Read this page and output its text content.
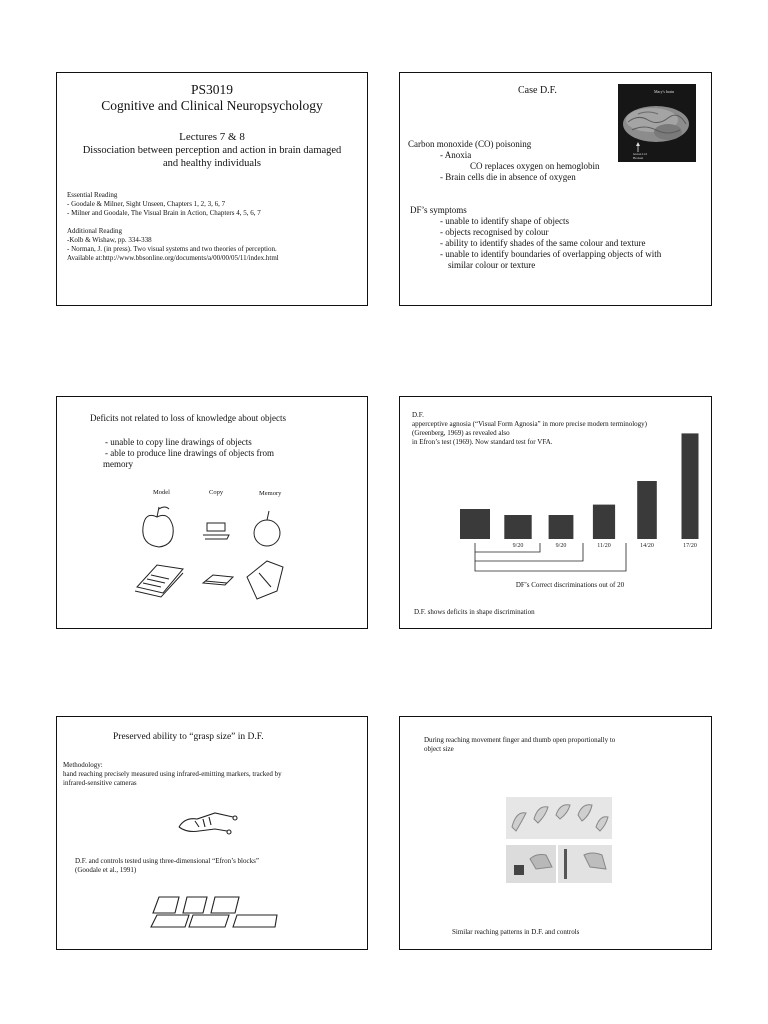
PS3019
Cognitive and Clinical Neuropsychology
Lectures 7 & 8
Dissociation between perception and action in brain damaged
and healthy individuals
Essential Reading
- Goodale & Milner, Sight Unseen, Chapters 1, 2, 3, 6, 7
- Milner and Goodale, The Visual Brain in Action, Chapters 4, 5, 6, 7
Additional Reading
-Kolb & Wishaw, pp. 334-338
- Norman, J. (in press). Two visual systems and two theories of perception.
Available at:http://www.bbsonline.org/documents/a/00/00/05/11/index.html
Case D.F.	Mary's brain
lesion LO
Broken
Carbon monoxide (CO) poisoning
- Anoxia
CO replaces oxygen on hemoglobin
- Brain cells die in absence of oxygen
DF’s symptoms
- unable to identify shape of objects
- objects recognised by colour
- ability to identify shades of the same colour and texture
- unable to identify boundaries of overlapping objects of with
similar colour or texture
Deficits not related to loss of knowledge about objects
- unable to copy line drawings of objects
- able to produce line drawings of objects from
memory
Model	Copy	Memory
D.F.
apperceptive agnosia (“Visual Form Agnosia” in more precise modern terminology)
(Greenberg, 1969) as revealed also
in Efron’s test (1969). Now standard test for VFA.
9/20	9/20	11/20	14/20	17/20
DF’s Correct discriminations out of 20
D.F. shows deficits in shape discrimination
Preserved ability to “grasp size” in D.F.
Methodology:
hand reaching precisely measured using infrared-emitting markers, tracked by
infrared-sensitive cameras
D.F. and controls tested using three-dimensional “Efron’s blocks”
(Goodale et al., 1991)
During reaching movement finger and thumb open proportionally to
object size
Similar reaching patterns in D.F. and controls
